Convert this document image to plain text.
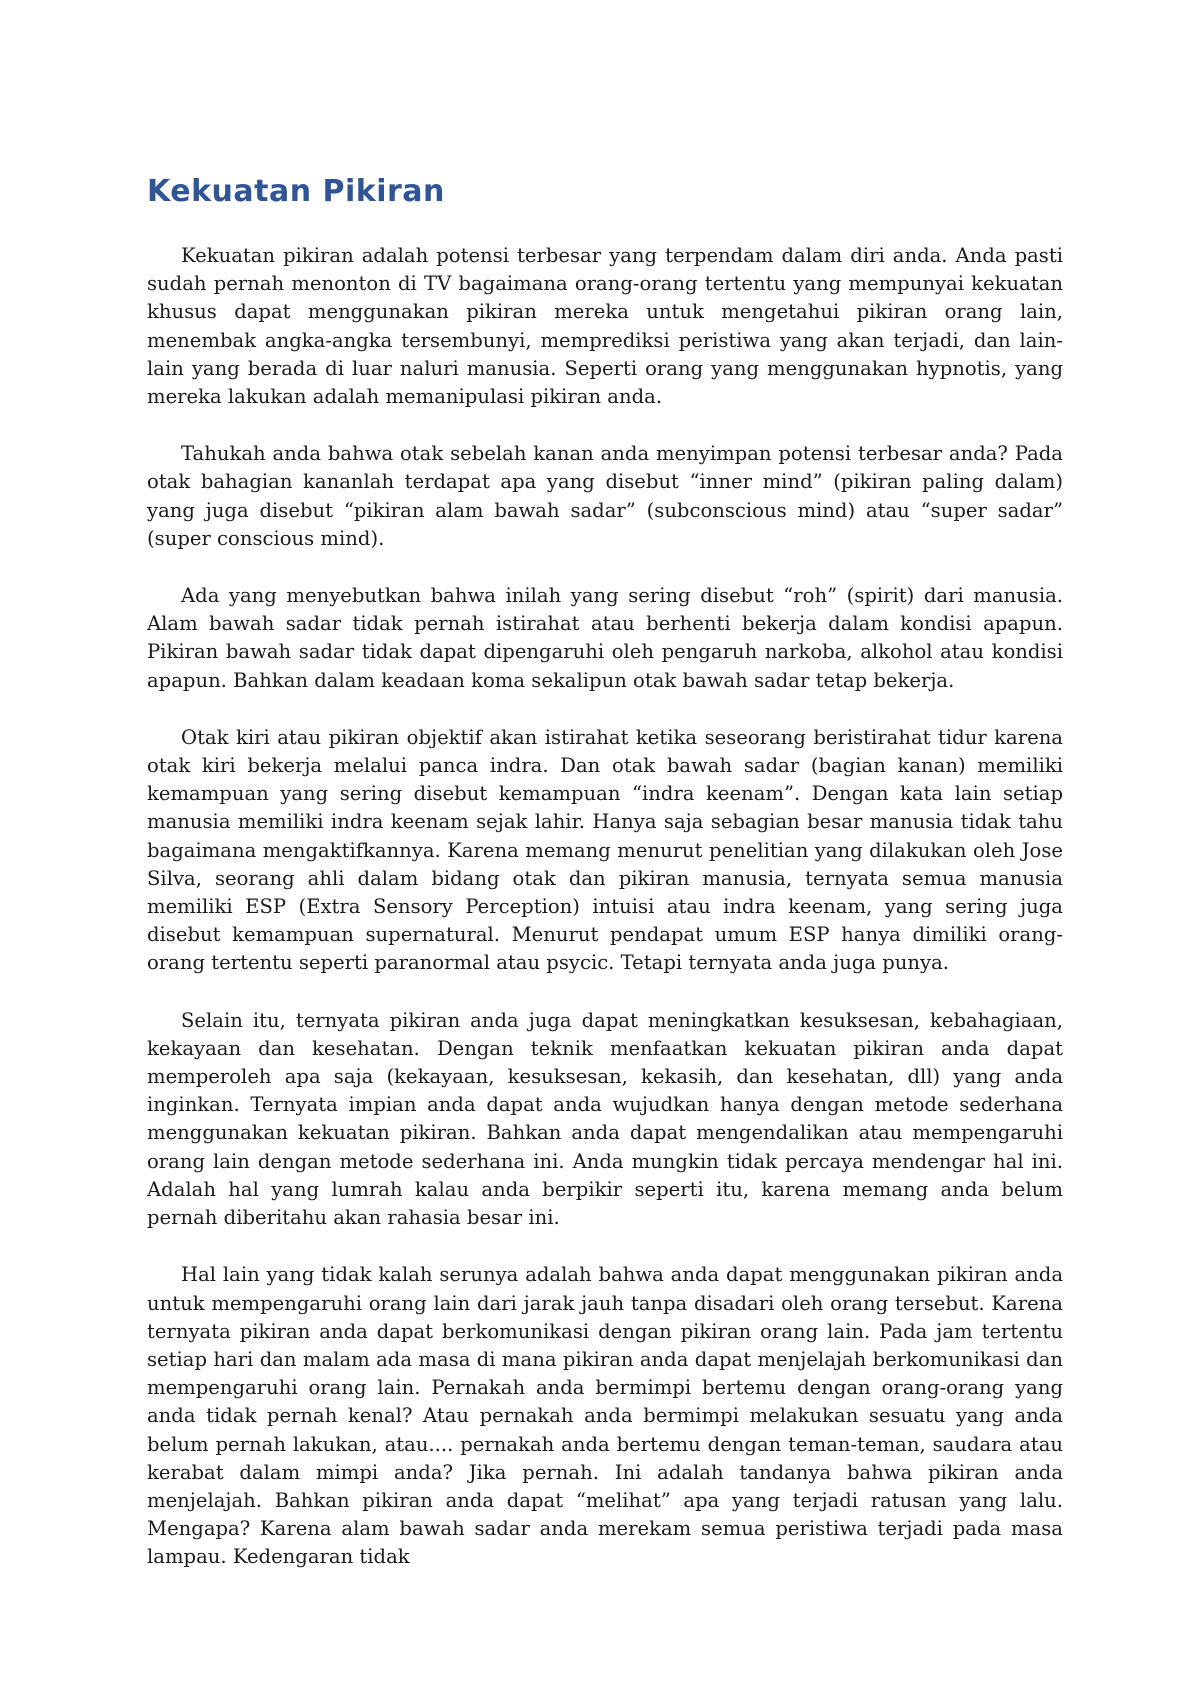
Kekuatan Pikiran

Kekuatan pikiran adalah potensi terbesar yang terpendam dalam diri anda. Anda pasti sudah pernah menonton di TV bagaimana orang-orang tertentu yang mempunyai kekuatan khusus dapat menggunakan pikiran mereka untuk mengetahui pikiran orang lain, menembak angka-angka tersembunyi, memprediksi peristiwa yang akan terjadi, dan lain-lain yang berada di luar naluri manusia. Seperti orang yang menggunakan hypnotis, yang mereka lakukan adalah memanipulasi pikiran anda.

Tahukah anda bahwa otak sebelah kanan anda menyimpan potensi terbesar anda? Pada otak bahagian kananlah terdapat apa yang disebut “inner mind” (pikiran paling dalam) yang juga disebut “pikiran alam bawah sadar” (subconscious mind) atau “super sadar” (super conscious mind).

Ada yang menyebutkan bahwa inilah yang sering disebut “roh” (spirit) dari manusia. Alam bawah sadar tidak pernah istirahat atau berhenti bekerja dalam kondisi apapun. Pikiran bawah sadar tidak dapat dipengaruhi oleh pengaruh narkoba, alkohol atau kondisi apapun. Bahkan dalam keadaan koma sekalipun otak bawah sadar tetap bekerja.

Otak kiri atau pikiran objektif akan istirahat ketika seseorang beristirahat tidur karena otak kiri bekerja melalui panca indra. Dan otak bawah sadar (bagian kanan) memiliki kemampuan yang sering disebut kemampuan “indra keenam”. Dengan kata lain setiap manusia memiliki indra keenam sejak lahir. Hanya saja sebagian besar manusia tidak tahu bagaimana mengaktifkannya. Karena memang menurut penelitian yang dilakukan oleh Jose Silva, seorang ahli dalam bidang otak dan pikiran manusia, ternyata semua manusia memiliki ESP (Extra Sensory Perception) intuisi atau indra keenam, yang sering juga disebut kemampuan supernatural. Menurut pendapat umum ESP hanya dimiliki orang-orang tertentu seperti paranormal atau psycic. Tetapi ternyata anda juga punya.

Selain itu, ternyata pikiran anda juga dapat meningkatkan kesuksesan, kebahagiaan, kekayaan dan kesehatan. Dengan teknik menfaatkan kekuatan pikiran anda dapat memperoleh apa saja (kekayaan, kesuksesan, kekasih, dan kesehatan, dll) yang anda inginkan. Ternyata impian anda dapat anda wujudkan hanya dengan metode sederhana menggunakan kekuatan pikiran. Bahkan anda dapat mengendalikan atau mempengaruhi orang lain dengan metode sederhana ini. Anda mungkin tidak percaya mendengar hal ini. Adalah hal yang lumrah kalau anda berpikir seperti itu, karena memang anda belum pernah diberitahu akan rahasia besar ini.

Hal lain yang tidak kalah serunya adalah bahwa anda dapat menggunakan pikiran anda untuk mempengaruhi orang lain dari jarak jauh tanpa disadari oleh orang tersebut. Karena ternyata pikiran anda dapat berkomunikasi dengan pikiran orang lain. Pada jam tertentu setiap hari dan malam ada masa di mana pikiran anda dapat menjelajah berkomunikasi dan mempengaruhi orang lain. Pernakah anda bermimpi bertemu dengan orang-orang yang anda tidak pernah kenal? Atau pernakah anda bermimpi melakukan sesuatu yang anda belum pernah lakukan, atau.... pernakah anda bertemu dengan teman-teman, saudara atau kerabat dalam mimpi anda? Jika pernah. Ini adalah tandanya bahwa pikiran anda menjelajah. Bahkan pikiran anda dapat “melihat” apa yang terjadi ratusan yang lalu. Mengapa? Karena alam bawah sadar anda merekam semua peristiwa terjadi pada masa lampau. Kedengaran tidak
